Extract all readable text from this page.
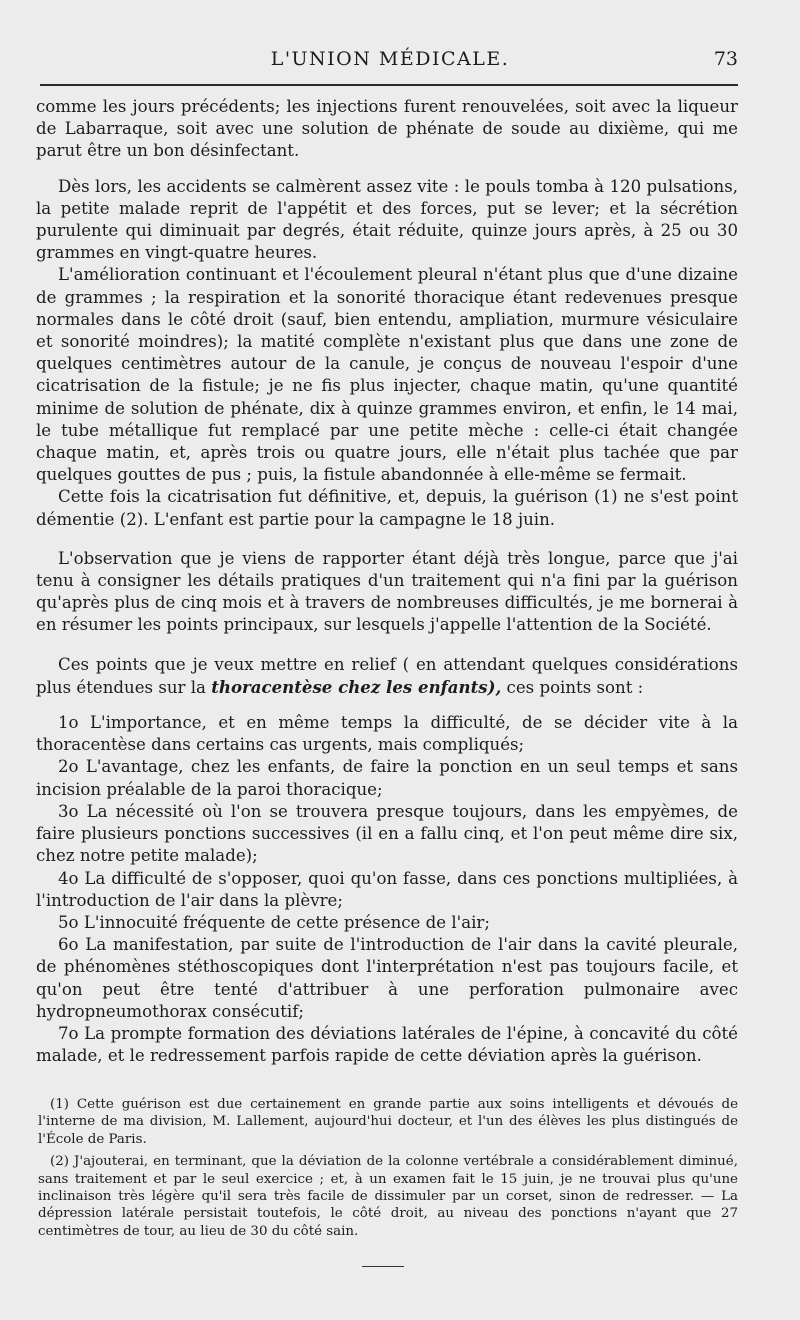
L'UNION MÉDICALE.	73

comme les jours précédents; les injections furent renouvelées, soit avec la liqueur de Labarraque, soit avec une solution de phénate de soude au dixième, qui me parut être un bon désinfectant.

Dès lors, les accidents se calmèrent assez vite : le pouls tomba à 120 pulsations, la petite malade reprit de l'appétit et des forces, put se lever; et la sécrétion purulente qui diminuait par degrés, était réduite, quinze jours après, à 25 ou 30 grammes en vingt-quatre heures.

L'amélioration continuant et l'écoulement pleural n'étant plus que d'une dizaine de grammes ; la respiration et la sonorité thoracique étant redevenues presque normales dans le côté droit (sauf, bien entendu, ampliation, murmure vésiculaire et sonorité moindres); la matité complète n'existant plus que dans une zone de quelques centimètres autour de la canule, je conçus de nouveau l'espoir d'une cicatrisation de la fistule; je ne fis plus injecter, chaque matin, qu'une quantité minime de solution de phénate, dix à quinze grammes environ, et enfin, le 14 mai, le tube métallique fut remplacé par une petite mèche : celle-ci était changée chaque matin, et, après trois ou quatre jours, elle n'était plus tachée que par quelques gouttes de pus ; puis, la fistule abandonnée à elle-même se fermait.

Cette fois la cicatrisation fut définitive, et, depuis, la guérison (1) ne s'est point démentie (2). L'enfant est partie pour la campagne le 18 juin.

L'observation que je viens de rapporter étant déjà très longue, parce que j'ai tenu à consigner les détails pratiques d'un traitement qui n'a fini par la guérison qu'après plus de cinq mois et à travers de nombreuses difficultés, je me bornerai à en résumer les points principaux, sur lesquels j'appelle l'attention de la Société.

Ces points que je veux mettre en relief ( en attendant quelques considérations plus étendues sur la thoracentèse chez les enfants), ces points sont :

1o L'importance, et en même temps la difficulté, de se décider vite à la thoracentèse dans certains cas urgents, mais compliqués;

2o L'avantage, chez les enfants, de faire la ponction en un seul temps et sans incision préalable de la paroi thoracique;

3o La nécessité où l'on se trouvera presque toujours, dans les empyèmes, de faire plusieurs ponctions successives (il en a fallu cinq, et l'on peut même dire six, chez notre petite malade);

4o La difficulté de s'opposer, quoi qu'on fasse, dans ces ponctions multipliées, à l'introduction de l'air dans la plèvre;

5o L'innocuité fréquente de cette présence de l'air;

6o La manifestation, par suite de l'introduction de l'air dans la cavité pleurale, de phénomènes stéthoscopiques dont l'interprétation n'est pas toujours facile, et qu'on peut être tenté d'attribuer à une perforation pulmonaire avec hydropneumothorax consécutif;

7o La prompte formation des déviations latérales de l'épine, à concavité du côté malade, et le redressement parfois rapide de cette déviation après la guérison.

(1) Cette guérison est due certainement en grande partie aux soins intelligents et dévoués de l'interne de ma division, M. Lallement, aujourd'hui docteur, et l'un des élèves les plus distingués de l'École de Paris.

(2) J'ajouterai, en terminant, que la déviation de la colonne vertébrale a considérablement diminué, sans traitement et par le seul exercice ; et, à un examen fait le 15 juin, je ne trouvai plus qu'une inclinaison très légère qu'il sera très facile de dissimuler par un corset, sinon de redresser. — La dépression latérale persistait toutefois, le côté droit, au niveau des ponctions n'ayant que 27 centimètres de tour, au lieu de 30 du côté sain.
